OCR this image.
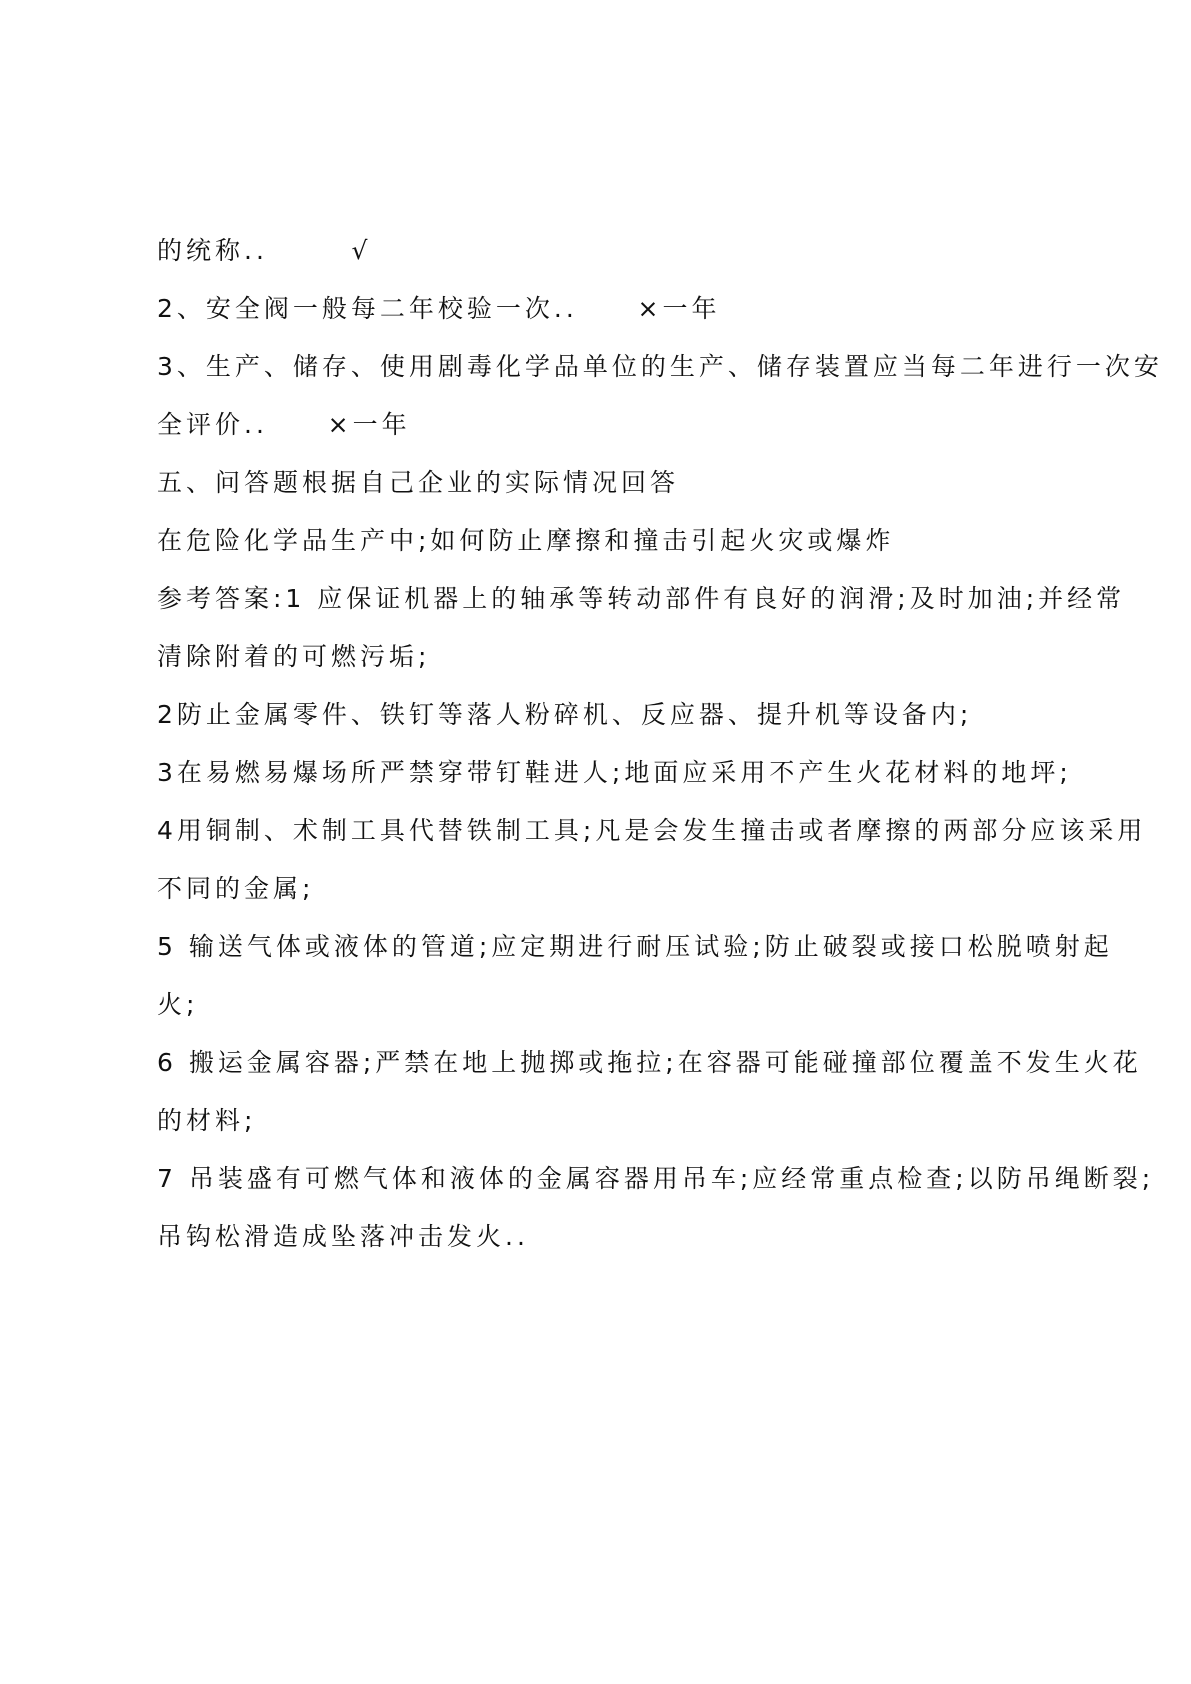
的统称..       √

2、安全阀一般每二年校验一次..     ×一年

3、生产、储存、使用剧毒化学品单位的生产、储存装置应当每二年进行一次安

全评价..     ×一年

五、问答题根据自己企业的实际情况回答

在危险化学品生产中;如何防止摩擦和撞击引起火灾或爆炸

参考答案:1 应保证机器上的轴承等转动部件有良好的润滑;及时加油;并经常

清除附着的可燃污垢;

2防止金属零件、铁钉等落人粉碎机、反应器、提升机等设备内;

3在易燃易爆场所严禁穿带钉鞋进人;地面应采用不产生火花材料的地坪;

4用铜制、术制工具代替铁制工具;凡是会发生撞击或者摩擦的两部分应该采用

不同的金属;

5 输送气体或液体的管道;应定期进行耐压试验;防止破裂或接口松脱喷射起

火;

6 搬运金属容器;严禁在地上抛掷或拖拉;在容器可能碰撞部位覆盖不发生火花

的材料;

7 吊装盛有可燃气体和液体的金属容器用吊车;应经常重点检查;以防吊绳断裂;

吊钩松滑造成坠落冲击发火..
